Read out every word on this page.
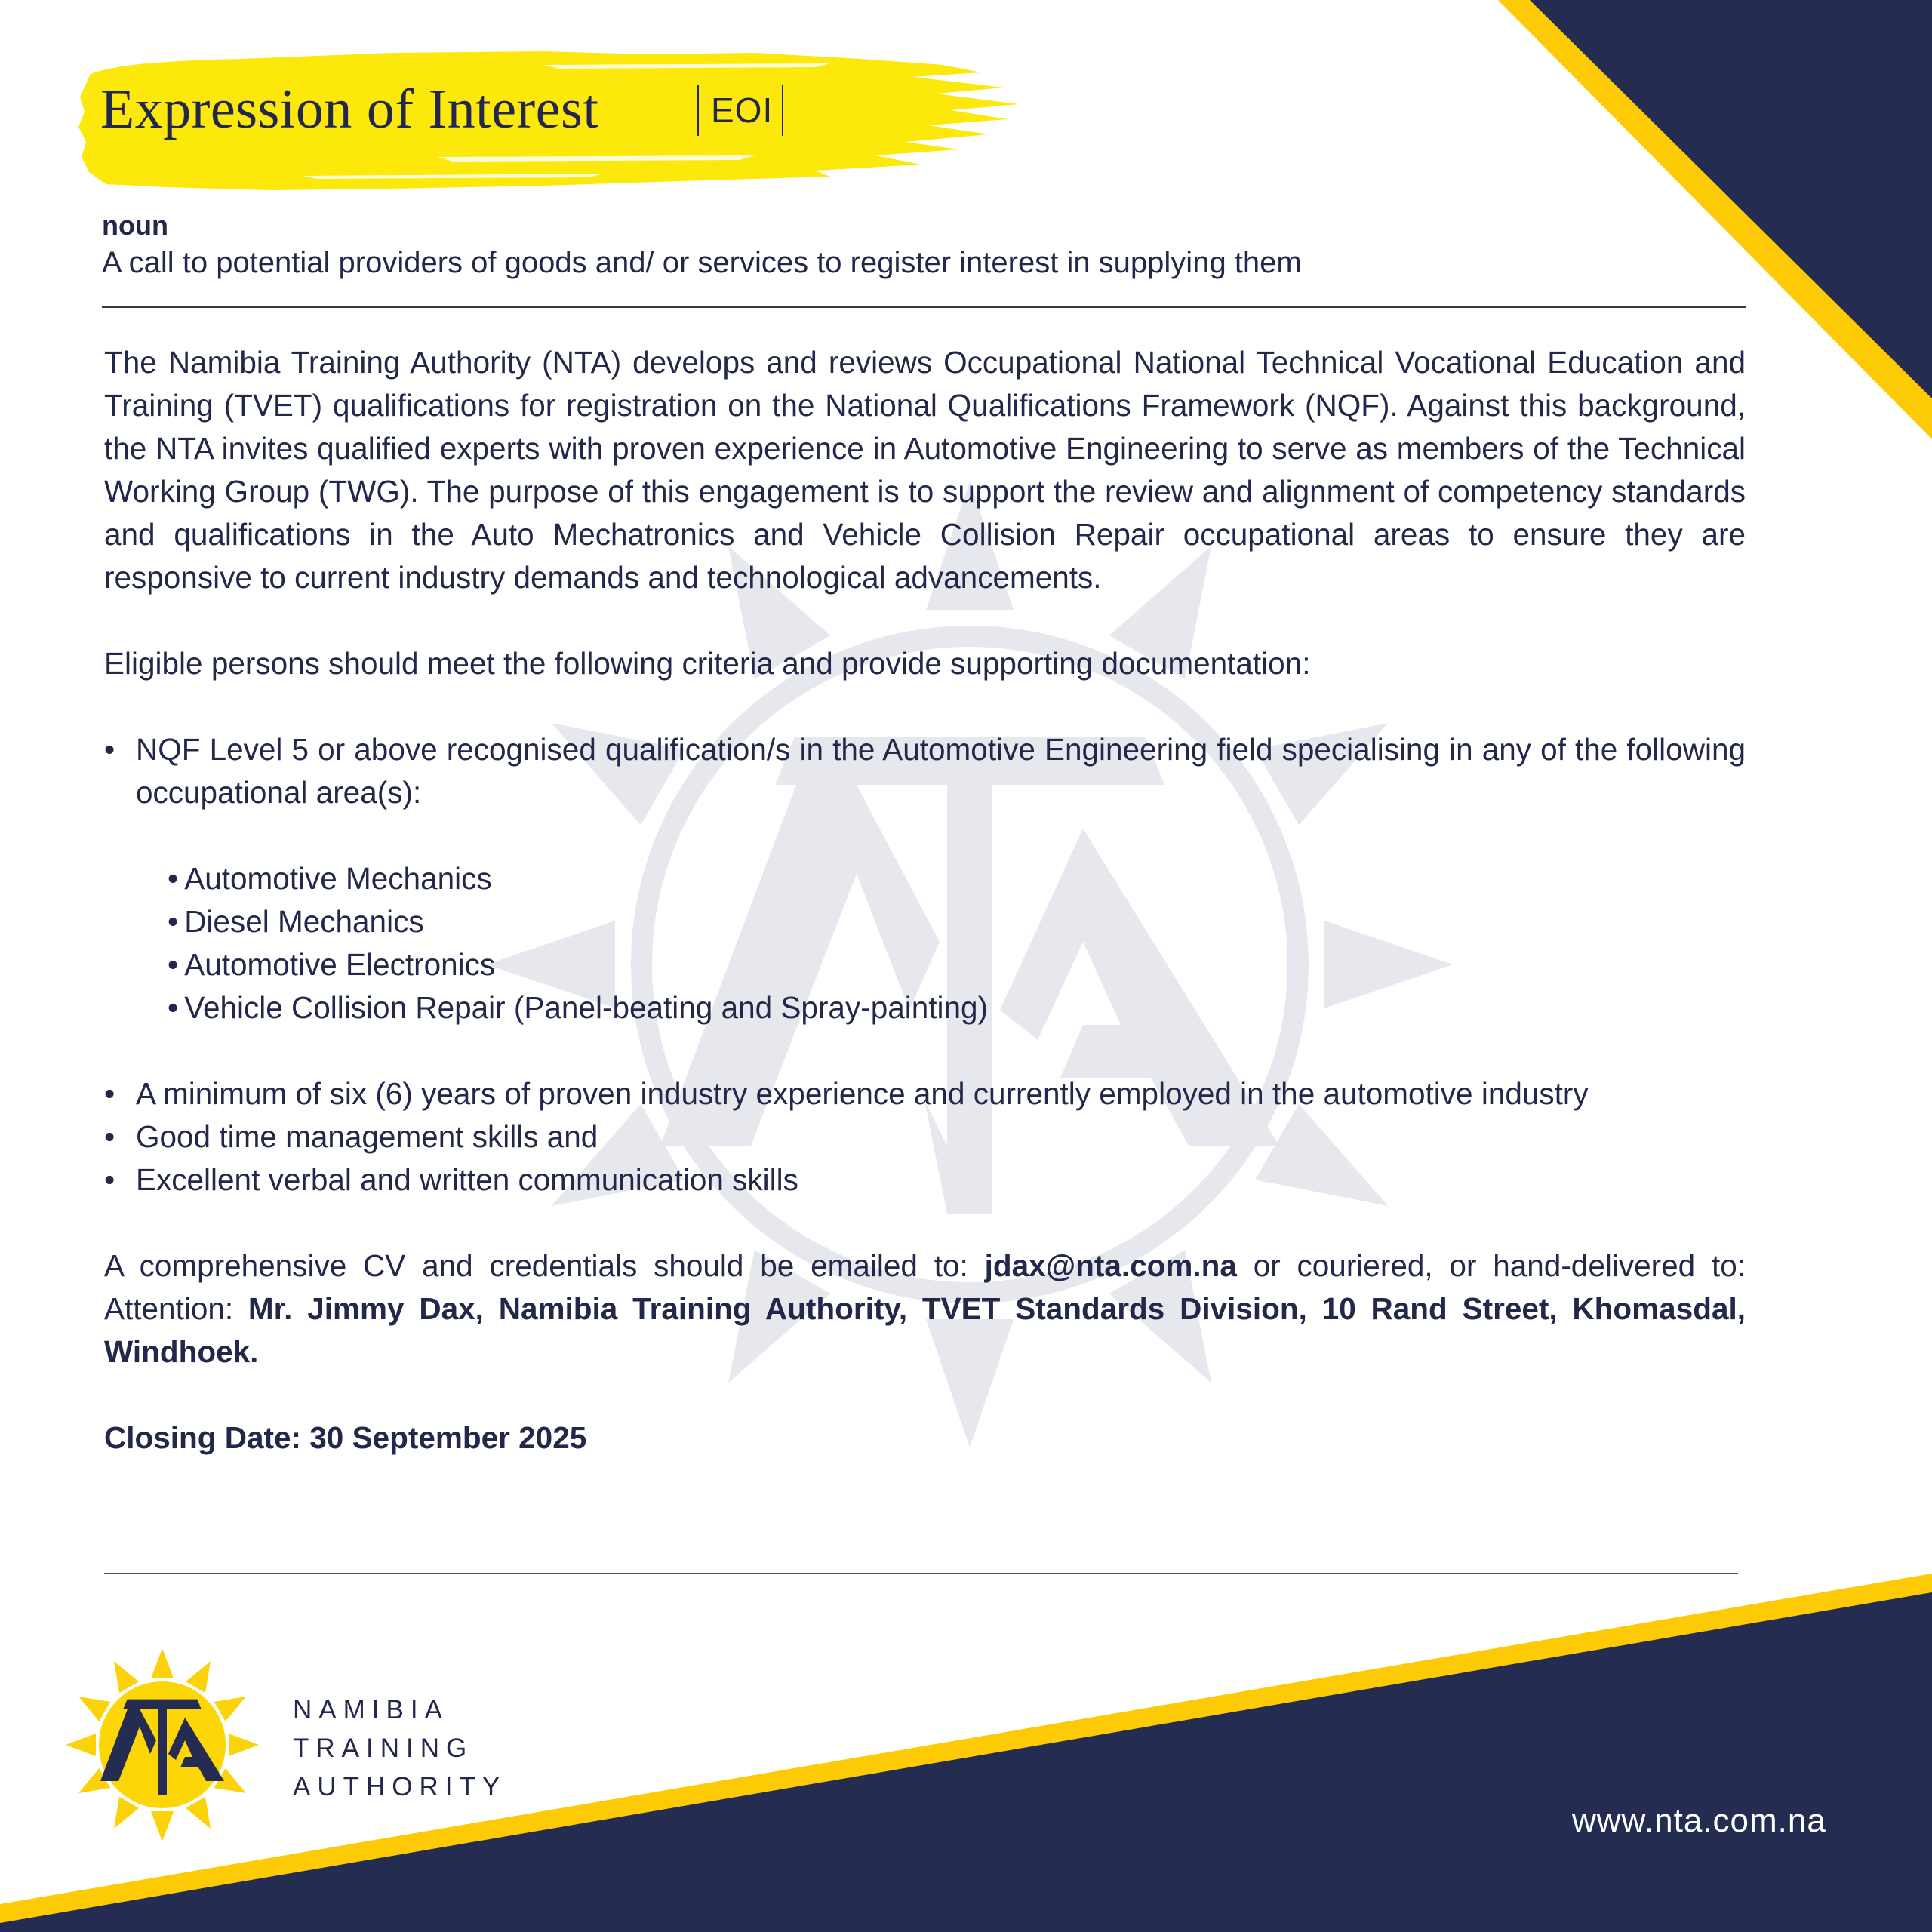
Expression of Interest	EOI
noun
A call to potential providers of goods and/ or services to register interest in supplying them

The Namibia Training Authority (NTA) develops and reviews Occupational National Technical Vocational Education and Training (TVET) qualifications for registration on the National Qualifications Framework (NQF). Against this background, the NTA invites qualified experts with proven experience in Automotive Engineering to serve as members of the Technical Working Group (TWG). The purpose of this engagement is to support the review and alignment of competency standards and qualifications in the Auto Mechatronics and Vehicle Collision Repair occupational areas to ensure they are responsive to current industry demands and technological advancements.

Eligible persons should meet the following criteria and provide supporting documentation:

• NQF Level 5 or above recognised qualification/s in the Automotive Engineering field specialising in any of the following occupational area(s):
• Automotive Mechanics
• Diesel Mechanics
• Automotive Electronics
• Vehicle Collision Repair (Panel-beating and Spray-painting)
• A minimum of six (6) years of proven industry experience and currently employed in the automotive industry
• Good time management skills and
• Excellent verbal and written communication skills

A comprehensive CV and credentials should be emailed to: jdax@nta.com.na or couriered, or hand-delivered to: Attention: Mr. Jimmy Dax, Namibia Training Authority, TVET Standards Division, 10 Rand Street, Khomasdal, Windhoek.

Closing Date: 30 September 2025

NAMIBIA
TRAINING
AUTHORITY
www.nta.com.na
